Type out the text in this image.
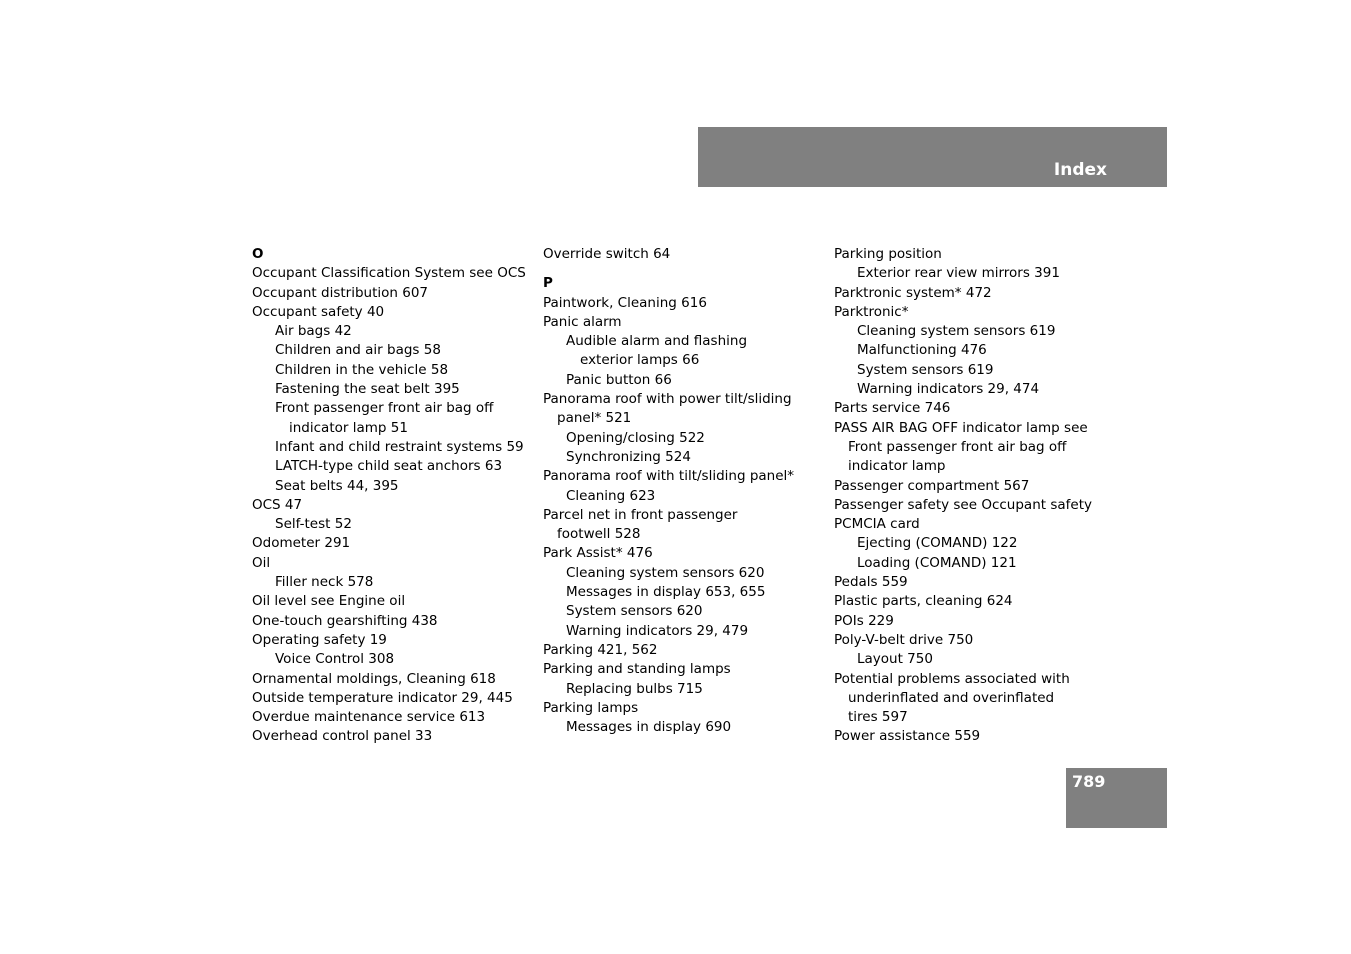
Index
O
Occupant Classification System see OCS
Occupant distribution 607
Occupant safety 40
Air bags 42
Children and air bags 58
Children in the vehicle 58
Fastening the seat belt 395
Front passenger front air bag off
indicator lamp 51
Infant and child restraint systems 59
LATCH-type child seat anchors 63
Seat belts 44, 395
OCS 47
Self-test 52
Odometer 291
Oil
Filler neck 578
Oil level see Engine oil
One-touch gearshifting 438
Operating safety 19
Voice Control 308
Ornamental moldings, Cleaning 618
Outside temperature indicator 29, 445
Overdue maintenance service 613
Overhead control panel 33
Override switch 64
P
Paintwork, Cleaning 616
Panic alarm
Audible alarm and flashing
exterior lamps 66
Panic button 66
Panorama roof with power tilt/sliding
panel* 521
Opening/closing 522
Synchronizing 524
Panorama roof with tilt/sliding panel*
Cleaning 623
Parcel net in front passenger
footwell 528
Park Assist* 476
Cleaning system sensors 620
Messages in display 653, 655
System sensors 620
Warning indicators 29, 479
Parking 421, 562
Parking and standing lamps
Replacing bulbs 715
Parking lamps
Messages in display 690
Parking position
Exterior rear view mirrors 391
Parktronic system* 472
Parktronic*
Cleaning system sensors 619
Malfunctioning 476
System sensors 619
Warning indicators 29, 474
Parts service 746
PASS AIR BAG OFF indicator lamp see
Front passenger front air bag off
indicator lamp
Passenger compartment 567
Passenger safety see Occupant safety
PCMCIA card
Ejecting (COMAND) 122
Loading (COMAND) 121
Pedals 559
Plastic parts, cleaning 624
POIs 229
Poly-V-belt drive 750
Layout 750
Potential problems associated with
underinflated and overinflated
tires 597
Power assistance 559
789
